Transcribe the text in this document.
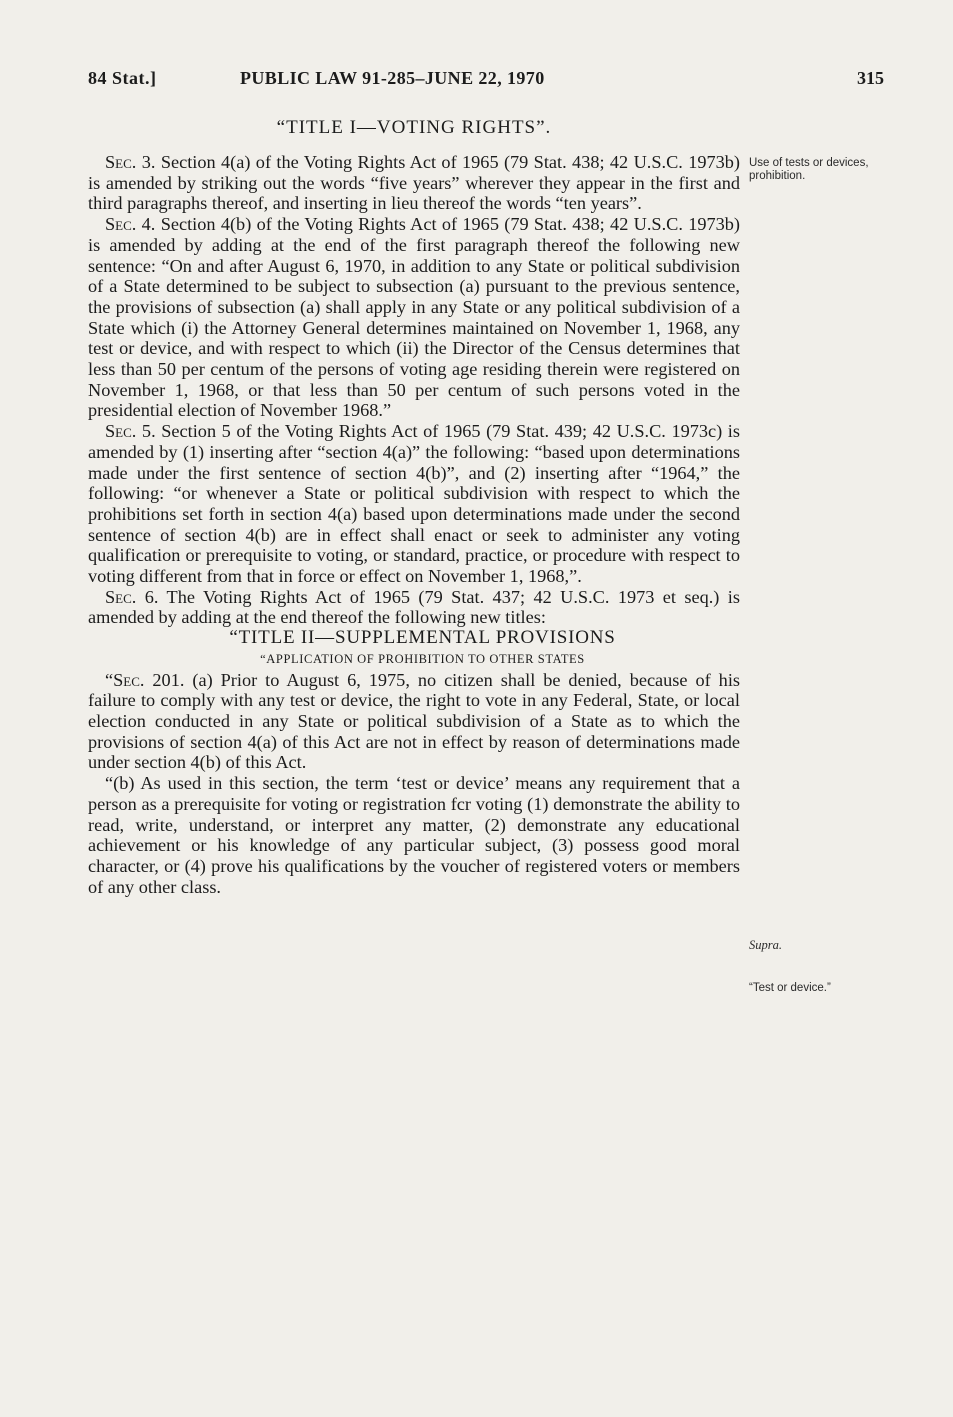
84 Stat.]	PUBLIC LAW 91-285–JUNE 22, 1970	315
“TITLE I—VOTING RIGHTS”.

Sec. 3. Section 4(a) of the Voting Rights Act of 1965 (79 Stat. 438; 42 U.S.C. 1973b) is amended by striking out the words “five years” wherever they appear in the first and third paragraphs thereof, and inserting in lieu thereof the words “ten years”.

Sec. 4. Section 4(b) of the Voting Rights Act of 1965 (79 Stat. 438; 42 U.S.C. 1973b) is amended by adding at the end of the first paragraph thereof the following new sentence: “On and after August 6, 1970, in addition to any State or political subdivision of a State determined to be subject to subsection (a) pursuant to the previous sentence, the provisions of subsection (a) shall apply in any State or any political subdivision of a State which (i) the Attorney General determines maintained on November 1, 1968, any test or device, and with respect to which (ii) the Director of the Census determines that less than 50 per centum of the persons of voting age residing therein were registered on November 1, 1968, or that less than 50 per centum of such persons voted in the presidential election of November 1968.”

Sec. 5. Section 5 of the Voting Rights Act of 1965 (79 Stat. 439; 42 U.S.C. 1973c) is amended by (1) inserting after “section 4(a)” the following: “based upon determinations made under the first sentence of section 4(b)”, and (2) inserting after “1964,” the following: “or whenever a State or political subdivision with respect to which the prohibitions set forth in section 4(a) based upon determinations made under the second sentence of section 4(b) are in effect shall enact or seek to administer any voting qualification or prerequisite to voting, or standard, practice, or procedure with respect to voting different from that in force or effect on November 1, 1968,”.

Sec. 6. The Voting Rights Act of 1965 (79 Stat. 437; 42 U.S.C. 1973 et seq.) is amended by adding at the end thereof the following new titles:

“TITLE II—SUPPLEMENTAL PROVISIONS

“APPLICATION OF PROHIBITION TO OTHER STATES

“Sec. 201. (a) Prior to August 6, 1975, no citizen shall be denied, because of his failure to comply with any test or device, the right to vote in any Federal, State, or local election conducted in any State or political subdivision of a State as to which the provisions of section 4(a) of this Act are not in effect by reason of determinations made under section 4(b) of this Act.

“(b) As used in this section, the term ‘test or device’ means any requirement that a person as a prerequisite for voting or registration fcr voting (1) demonstrate the ability to read, write, understand, or interpret any matter, (2) demonstrate any educational achievement or his knowledge of any particular subject, (3) possess good moral character, or (4) prove his qualifications by the voucher of registered voters or members of any other class.

Use of tests or devices, prohibition.
Supra.
“Test or device.”
